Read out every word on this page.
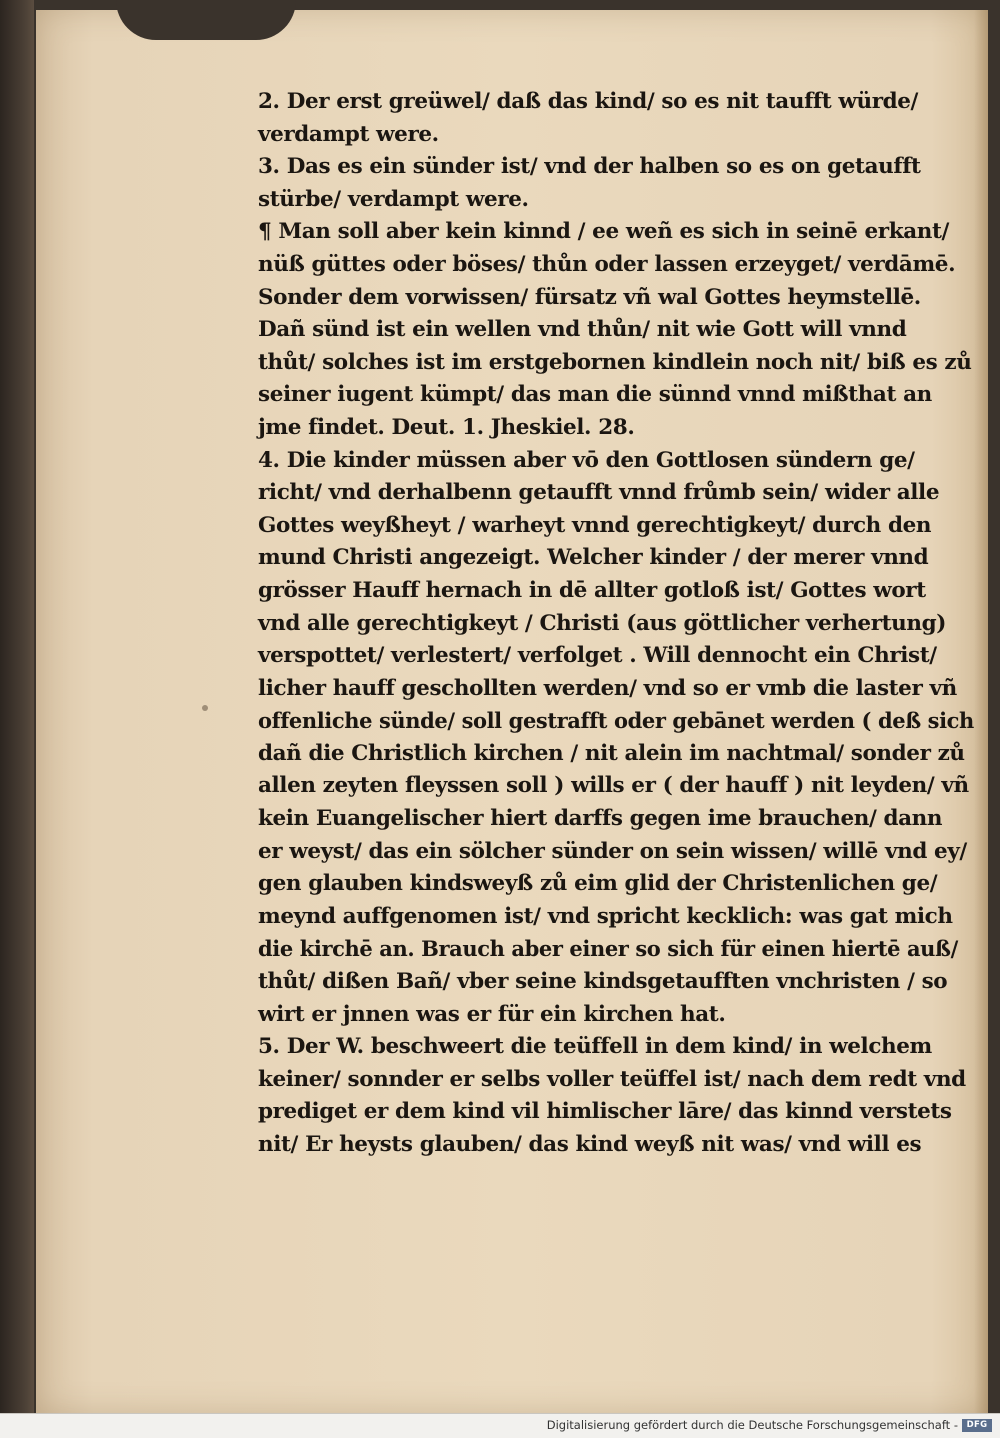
2. Der erst greüwel/ daß das kind/ so es nit taufft würde/
verdampt were.
3. Das es ein sünder ist/ vnd der halben so es on getaufft
stürbe/ verdampt were.
¶ Man soll aber kein kinnd / ee weñ es sich in seinē erkant/
nüß güttes oder böses/ thůn oder lassen erzeyget/ verdāmē.
Sonder dem vorwissen/ fürsatz vñ wal Gottes heymstellē.
Dañ sünd ist ein wellen vnd thůn/ nit wie Gott will vnnd
thůt/ solches ist im erstgebornen kindlein noch nit/ biß es zů
seiner iugent kümpt/ das man die sünnd vnnd mißthat an
jme findet. Deut. 1. Jheskiel. 28.
4. Die kinder müssen aber vō den Gottlosen sündern ge/
richt/ vnd derhalbenn getaufft vnnd frůmb sein/ wider alle
Gottes weyßheyt / warheyt vnnd gerechtigkeyt/ durch den
mund Christi angezeigt. Welcher kinder / der merer vnnd
grösser Hauff hernach in dē allter gotloß ist/ Gottes wort
vnd alle gerechtigkeyt / Christi (aus göttlicher verhertung)
verspottet/ verlestert/ verfolget . Will dennocht ein Christ/
licher hauff geschollten werden/ vnd so er vmb die laster vñ
offenliche sünde/ soll gestrafft oder gebānet werden ( deß sich
dañ die Christlich kirchen / nit alein im nachtmal/ sonder zů
allen zeyten fleyssen soll ) wills er ( der hauff ) nit leyden/ vñ
kein Euangelischer hiert darffs gegen ime brauchen/ dann
er weyst/ das ein sölcher sünder on sein wissen/ willē vnd ey/
gen glauben kindsweyß zů eim glid der Christenlichen ge/
meynd auffgenomen ist/ vnd spricht kecklich: was gat mich
die kirchē an. Brauch aber einer so sich für einen hiertē auß/
thůt/ dißen Bañ/ vber seine kindsgetaufften vnchristen / so
wirt er jnnen was er für ein kirchen hat.
5. Der W. beschweert die teüffell in dem kind/ in welchem
keiner/ sonnder er selbs voller teüffel ist/ nach dem redt vnd
prediget er dem kind vil himlischer lāre/ das kinnd verstets
nit/ Er heysts glauben/ das kind weyß nit was/ vnd will es
Digitalisierung gefördert durch die Deutsche Forschungsgemeinschaft -	DFG
